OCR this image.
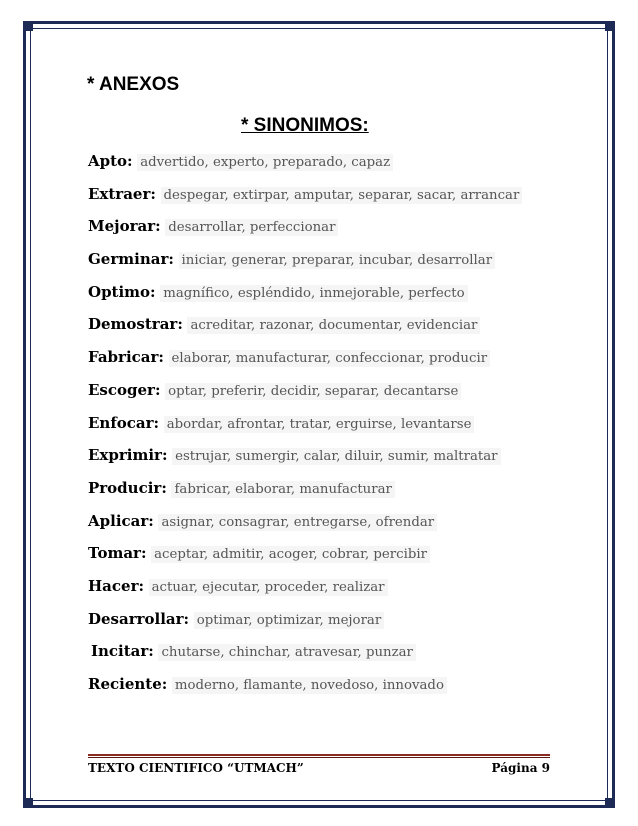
* ANEXOS
* SINONIMOS:
Apto: advertido, experto, preparado, capaz
Extraer: despegar, extirpar, amputar, separar, sacar, arrancar
Mejorar: desarrollar, perfeccionar
Germinar: iniciar, generar, preparar, incubar, desarrollar
Optimo: magnífico, espléndido, inmejorable, perfecto
Demostrar: acreditar, razonar, documentar, evidenciar
Fabricar: elaborar, manufacturar, confeccionar, producir
Escoger: optar, preferir, decidir, separar, decantarse
Enfocar: abordar, afrontar, tratar, erguirse, levantarse
Exprimir: estrujar, sumergir, calar, diluir, sumir, maltratar
Producir: fabricar, elaborar, manufacturar
Aplicar: asignar, consagrar, entregarse, ofrendar
Tomar: aceptar, admitir, acoger, cobrar, percibir
Hacer: actuar, ejecutar, proceder, realizar
Desarrollar: optimar, optimizar, mejorar
Incitar: chutarse, chinchar, atravesar, punzar
Reciente: moderno, flamante, novedoso, innovado
TEXTO CIENTIFICO “UTMACH”	Página 9
